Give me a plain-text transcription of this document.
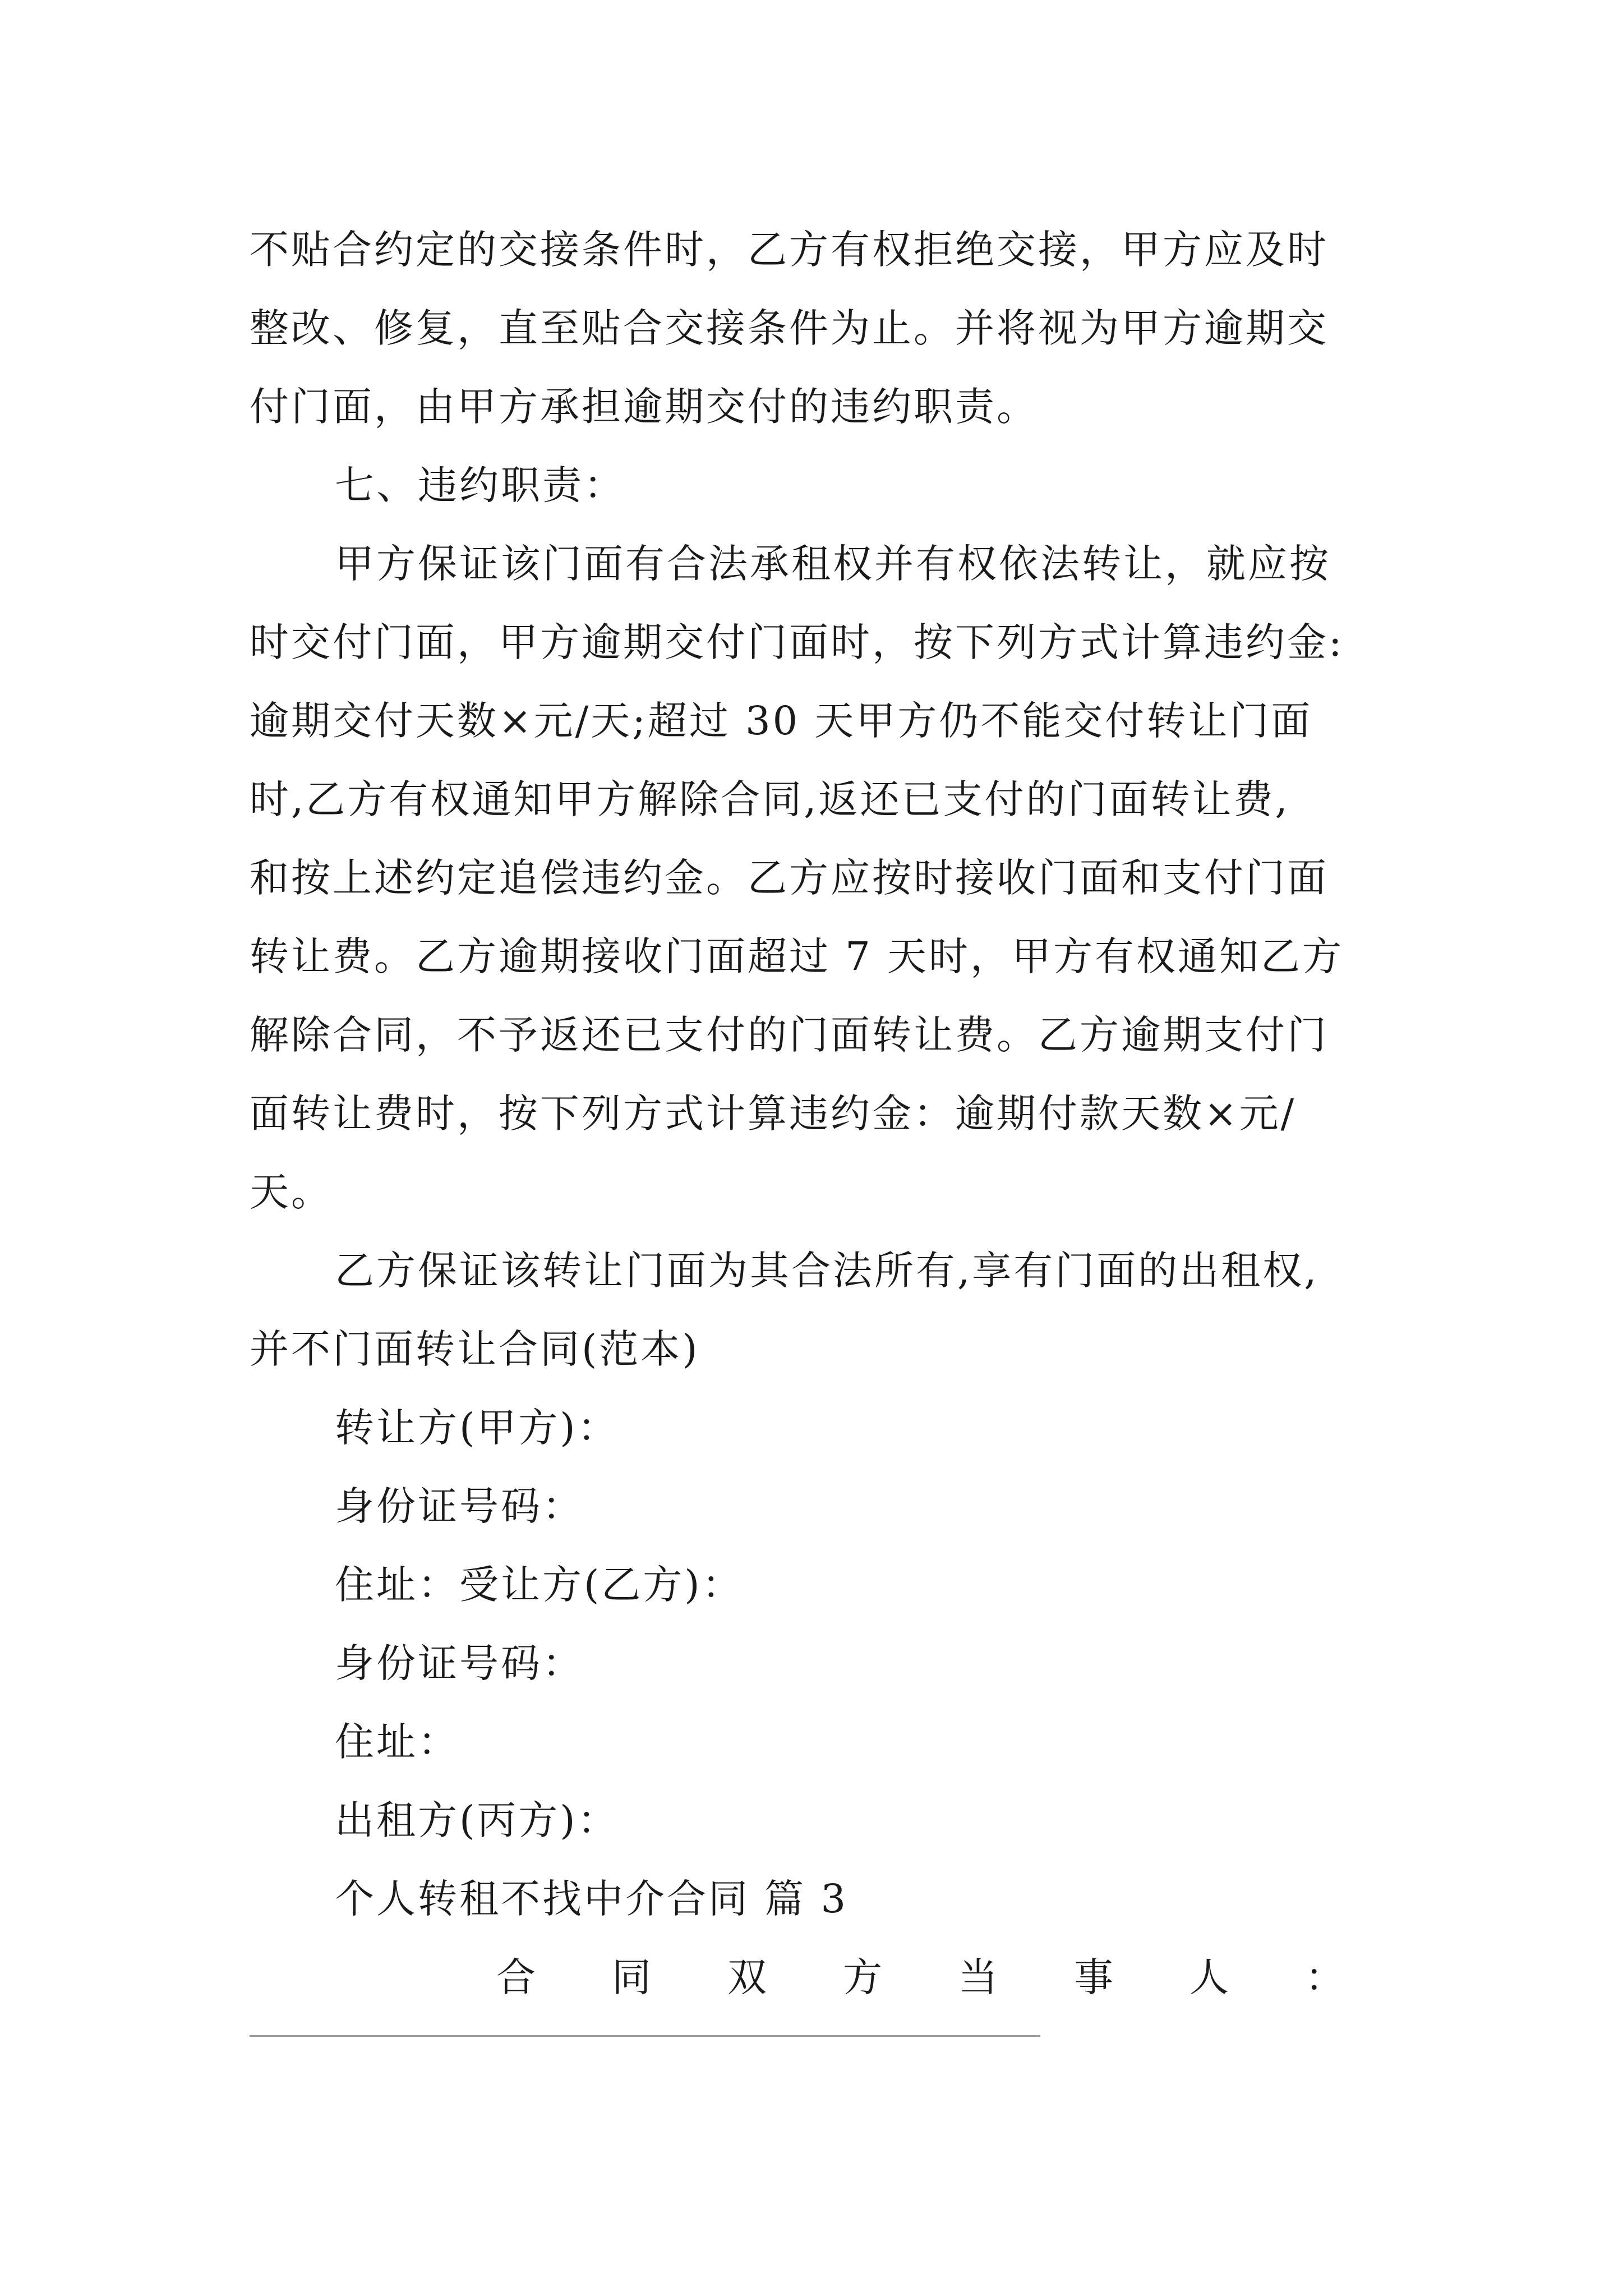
不贴合约定的交接条件时，乙方有权拒绝交接，甲方应及时
整改、修复，直至贴合交接条件为止。并将视为甲方逾期交
付门面，由甲方承担逾期交付的违约职责。

七、违约职责：

甲方保证该门面有合法承租权并有权依法转让，就应按
时交付门面，甲方逾期交付门面时，按下列方式计算违约金:
逾期交付天数×元/天;超过 30 天甲方仍不能交付转让门面
时,乙方有权通知甲方解除合同,返还已支付的门面转让费,
和按上述约定追偿违约金。乙方应按时接收门面和支付门面
转让费。乙方逾期接收门面超过 7 天时，甲方有权通知乙方
解除合同，不予返还已支付的门面转让费。乙方逾期支付门
面转让费时，按下列方式计算违约金：逾期付款天数×元/
天。
乙方保证该转让门面为其合法所有,享有门面的出租权,
并不门面转让合同(范本)

转让方(甲方)：

身份证号码：

住址：受让方(乙方)：

身份证号码：

住址：

出租方(丙方)：

个人转租不找中介合同 篇 3

合 同 双 方 当 事 人 ：
